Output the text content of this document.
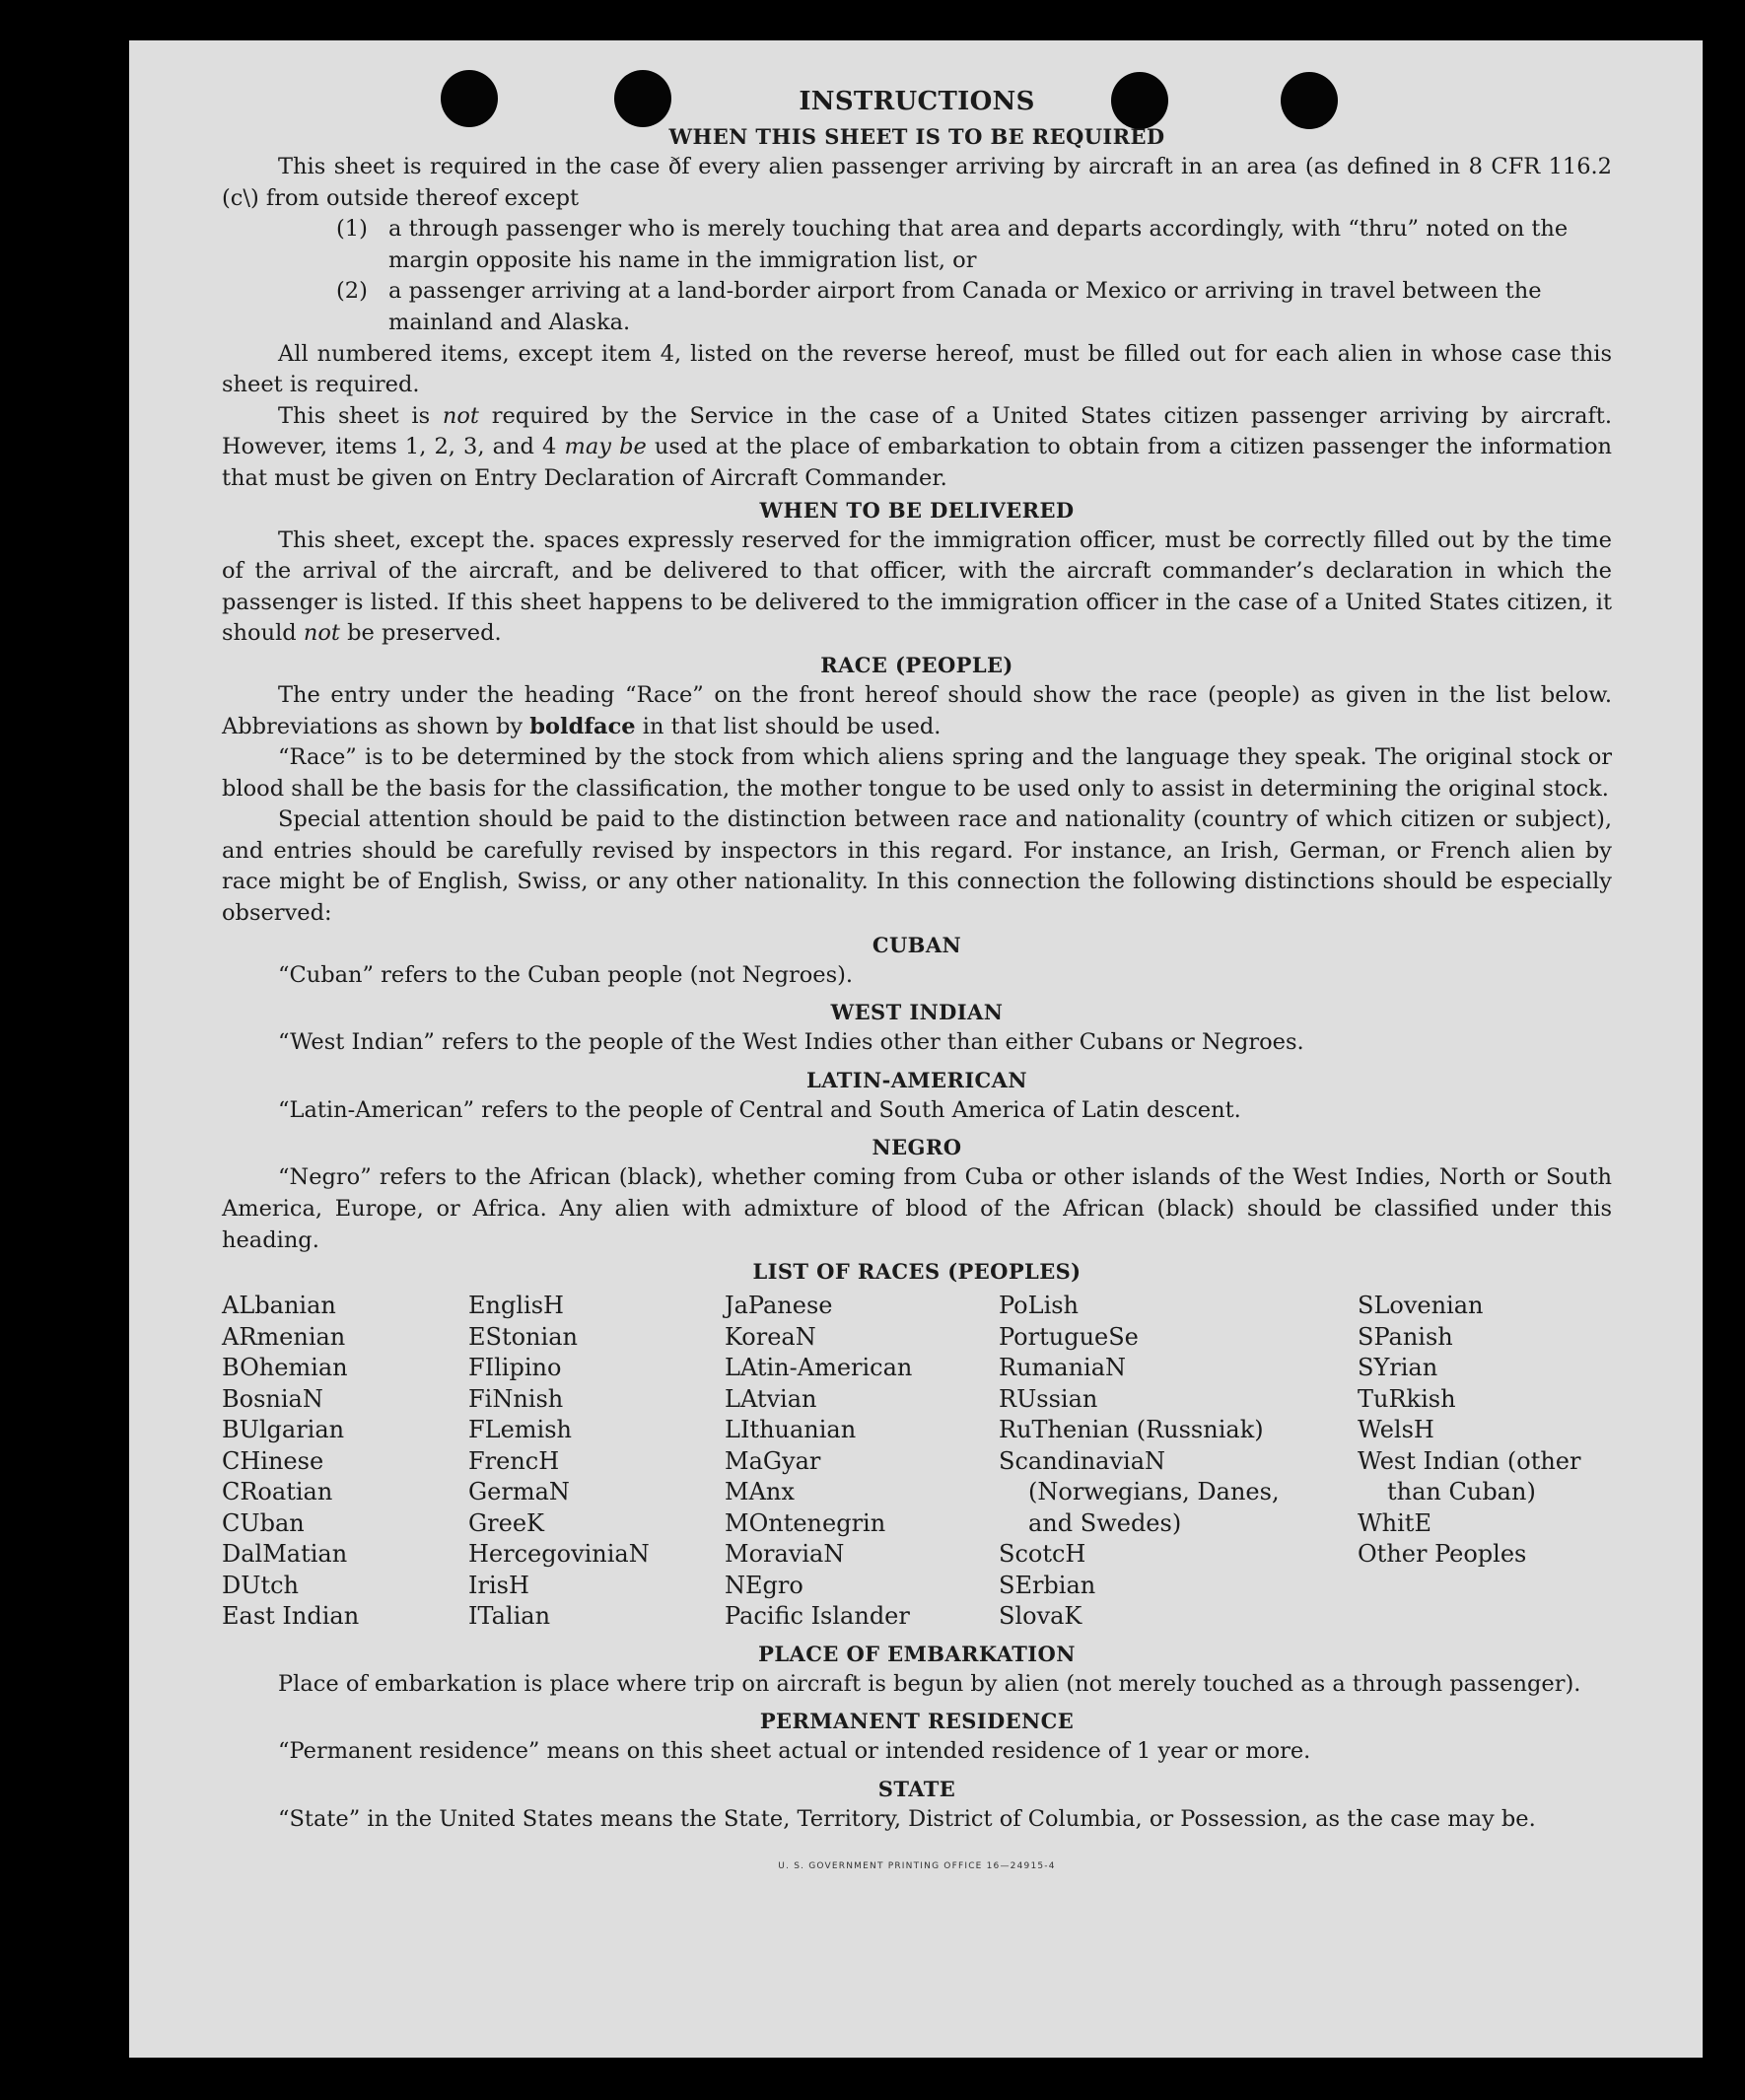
INSTRUCTIONS
WHEN THIS SHEET IS TO BE REQUIRED

This sheet is required in the case ðf every alien passenger arriving by aircraft in an area (as defined in 8 CFR 116.2 (c\) from outside thereof except

(1) a through passenger who is merely touching that area and departs accordingly, with “thru” noted on the margin opposite his name in the immigration list, or
(2) a passenger arriving at a land-border airport from Canada or Mexico or arriving in travel between the mainland and Alaska.

All numbered items, except item 4, listed on the reverse hereof, must be filled out for each alien in whose case this sheet is required.

This sheet is not required by the Service in the case of a United States citizen passenger arriving by aircraft. However, items 1, 2, 3, and 4 may be used at the place of embarkation to obtain from a citizen passenger the information that must be given on Entry Declaration of Aircraft Commander.

WHEN TO BE DELIVERED

This sheet, except the. spaces expressly reserved for the immigration officer, must be correctly filled out by the time of the arrival of the aircraft, and be delivered to that officer, with the aircraft commander’s declaration in which the passenger is listed. If this sheet happens to be delivered to the immigration officer in the case of a United States citizen, it should not be preserved.

RACE (PEOPLE)

The entry under the heading “Race” on the front hereof should show the race (people) as given in the list below. Abbreviations as shown by boldface in that list should be used.

“Race” is to be determined by the stock from which aliens spring and the language they speak. The original stock or blood shall be the basis for the classification, the mother tongue to be used only to assist in determining the original stock.

Special attention should be paid to the distinction between race and nationality (country of which citizen or subject), and entries should be carefully revised by inspectors in this regard. For instance, an Irish, German, or French alien by race might be of English, Swiss, or any other nationality. In this connection the following distinctions should be especially observed:

CUBAN

“Cuban” refers to the Cuban people (not Negroes).

WEST INDIAN

“West Indian” refers to the people of the West Indies other than either Cubans or Negroes.

LATIN-AMERICAN

“Latin-American” refers to the people of Central and South America of Latin descent.

NEGRO

“Negro” refers to the African (black), whether coming from Cuba or other islands of the West Indies, North or South America, Europe, or Africa. Any alien with admixture of blood of the African (black) should be classified under this heading.

LIST OF RACES (PEOPLES)
ALbanian
ARmenian
BOhemian
BosniaN
BUlgarian
CHinese
CRoatian
CUban
DalMatian
DUtch
East Indian
EnglisH
EStonian
FIlipino
FiNnish
FLemish
FrencH
GermaN
GreeK
HercegoviniaN
IrisH
ITalian
JaPanese
KoreaN
LAtin-American
LAtvian
LIthuanian
MaGyar
MAnx
MOntenegrin
MoraviaN
NEgro
Pacific Islander
PoLish
PortugueSe
RumaniaN
RUssian
RuThenian (Russniak)
ScandinaviaN (Norwegians, Danes, and Swedes)
ScotcH
SErbian
SlovaK
SLovenian
SPanish
SYrian
TuRkish
WelsH
West Indian (other than Cuban)
WhitE
Other Peoples
PLACE OF EMBARKATION

Place of embarkation is place where trip on aircraft is begun by alien (not merely touched as a through passenger).

PERMANENT RESIDENCE

“Permanent residence” means on this sheet actual or intended residence of 1 year or more.

STATE

“State” in the United States means the State, Territory, District of Columbia, or Possession, as the case may be.

U. S. GOVERNMENT PRINTING OFFICE 16—24915-4
